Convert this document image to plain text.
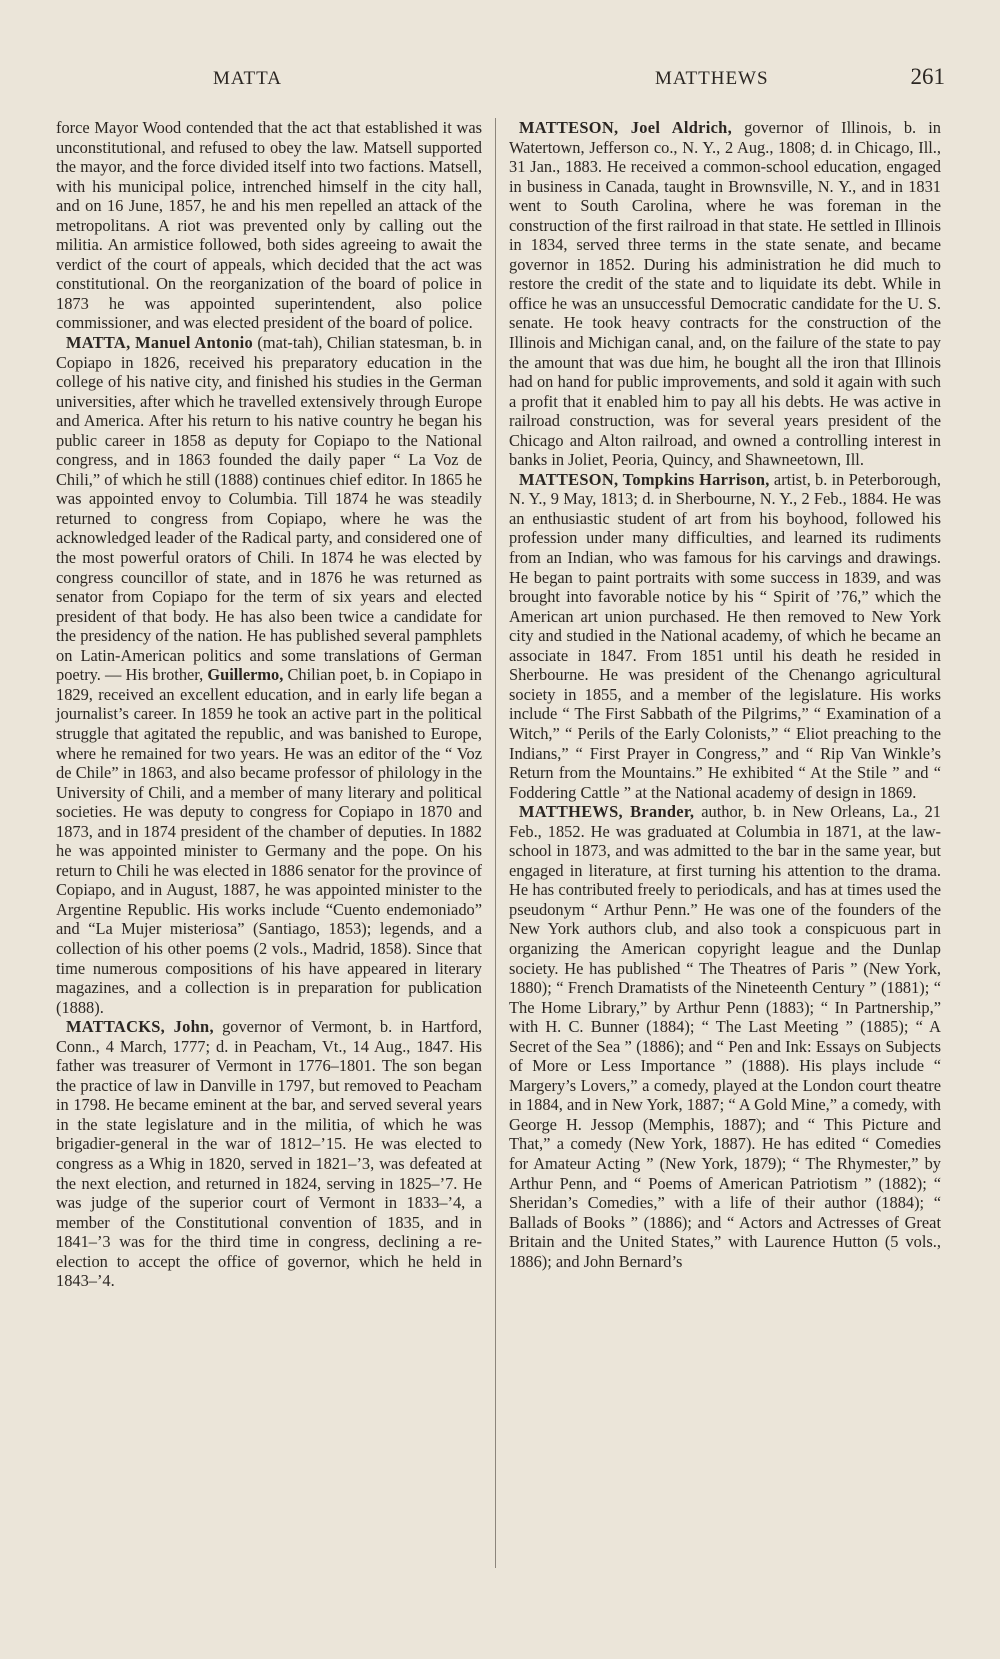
MATTA	MATTHEWS	261

force Mayor Wood contended that the act that established it was unconstitutional, and refused to obey the law. Matsell supported the mayor, and the force divided itself into two factions. Matsell, with his municipal police, intrenched himself in the city hall, and on 16 June, 1857, he and his men repelled an attack of the metropolitans. A riot was prevented only by calling out the militia. An armistice followed, both sides agreeing to await the verdict of the court of appeals, which decided that the act was constitutional. On the reorganization of the board of police in 1873 he was appointed superintendent, also police commissioner, and was elected president of the board of police.

MATTA, Manuel Antonio (mat-tah), Chilian statesman, b. in Copiapo in 1826, received his preparatory education in the college of his native city, and finished his studies in the German universities, after which he travelled extensively through Europe and America. After his return to his native country he began his public career in 1858 as deputy for Copiapo to the National congress, and in 1863 founded the daily paper “ La Voz de Chili,” of which he still (1888) continues chief editor. In 1865 he was appointed envoy to Columbia. Till 1874 he was steadily returned to congress from Copiapo, where he was the acknowledged leader of the Radical party, and considered one of the most powerful orators of Chili. In 1874 he was elected by congress councillor of state, and in 1876 he was returned as senator from Copiapo for the term of six years and elected president of that body. He has also been twice a candidate for the presidency of the nation. He has published several pamphlets on Latin-American politics and some translations of German poetry. — His brother, Guillermo, Chilian poet, b. in Copiapo in 1829, received an excellent education, and in early life began a journalist’s career. In 1859 he took an active part in the political struggle that agitated the republic, and was banished to Europe, where he remained for two years. He was an editor of the “ Voz de Chile” in 1863, and also became professor of philology in the University of Chili, and a member of many literary and political societies. He was deputy to congress for Copiapo in 1870 and 1873, and in 1874 president of the chamber of deputies. In 1882 he was appointed minister to Germany and the pope. On his return to Chili he was elected in 1886 senator for the province of Copiapo, and in August, 1887, he was appointed minister to the Argentine Republic. His works include “Cuento endemoniado” and “La Mujer misteriosa” (Santiago, 1853); legends, and a collection of his other poems (2 vols., Madrid, 1858). Since that time numerous compositions of his have appeared in literary magazines, and a collection is in preparation for publication (1888).

MATTACKS, John, governor of Vermont, b. in Hartford, Conn., 4 March, 1777; d. in Peacham, Vt., 14 Aug., 1847. His father was treasurer of Vermont in 1776–1801. The son began the practice of law in Danville in 1797, but removed to Peacham in 1798. He became eminent at the bar, and served several years in the state legislature and in the militia, of which he was brigadier-general in the war of 1812–’15. He was elected to congress as a Whig in 1820, served in 1821–’3, was defeated at the next election, and returned in 1824, serving in 1825–’7. He was judge of the superior court of Vermont in 1833–’4, a member of the Constitutional convention of 1835, and in 1841–’3 was for the third time in congress, declining a re-election to accept the office of governor, which he held in 1843–’4.

MATTESON, Joel Aldrich, governor of Illinois, b. in Watertown, Jefferson co., N. Y., 2 Aug., 1808; d. in Chicago, Ill., 31 Jan., 1883. He received a common-school education, engaged in business in Canada, taught in Brownsville, N. Y., and in 1831 went to South Carolina, where he was foreman in the construction of the first railroad in that state. He settled in Illinois in 1834, served three terms in the state senate, and became governor in 1852. During his administration he did much to restore the credit of the state and to liquidate its debt. While in office he was an unsuccessful Democratic candidate for the U. S. senate. He took heavy contracts for the construction of the Illinois and Michigan canal, and, on the failure of the state to pay the amount that was due him, he bought all the iron that Illinois had on hand for public improvements, and sold it again with such a profit that it enabled him to pay all his debts. He was active in railroad construction, was for several years president of the Chicago and Alton railroad, and owned a controlling interest in banks in Joliet, Peoria, Quincy, and Shawneetown, Ill.

MATTESON, Tompkins Harrison, artist, b. in Peterborough, N. Y., 9 May, 1813; d. in Sherbourne, N. Y., 2 Feb., 1884. He was an enthusiastic student of art from his boyhood, followed his profession under many difficulties, and learned its rudiments from an Indian, who was famous for his carvings and drawings. He began to paint portraits with some success in 1839, and was brought into favorable notice by his “ Spirit of ’76,” which the American art union purchased. He then removed to New York city and studied in the National academy, of which he became an associate in 1847. From 1851 until his death he resided in Sherbourne. He was president of the Chenango agricultural society in 1855, and a member of the legislature. His works include “ The First Sabbath of the Pilgrims,” “ Examination of a Witch,” “ Perils of the Early Colonists,” “ Eliot preaching to the Indians,” “ First Prayer in Congress,” and “ Rip Van Winkle’s Return from the Mountains.” He exhibited “ At the Stile ” and “ Foddering Cattle ” at the National academy of design in 1869.

MATTHEWS, Brander, author, b. in New Orleans, La., 21 Feb., 1852. He was graduated at Columbia in 1871, at the law-school in 1873, and was admitted to the bar in the same year, but engaged in literature, at first turning his attention to the drama. He has contributed freely to periodicals, and has at times used the pseudonym “ Arthur Penn.” He was one of the founders of the New York authors club, and also took a conspicuous part in organizing the American copyright league and the Dunlap society. He has published “ The Theatres of Paris ” (New York, 1880); “ French Dramatists of the Nineteenth Century ” (1881); “ The Home Library,” by Arthur Penn (1883); “ In Partnership,” with H. C. Bunner (1884); “ The Last Meeting ” (1885); “ A Secret of the Sea ” (1886); and “ Pen and Ink: Essays on Subjects of More or Less Importance ” (1888). His plays include “ Margery’s Lovers,” a comedy, played at the London court theatre in 1884, and in New York, 1887; “ A Gold Mine,” a comedy, with George H. Jessop (Memphis, 1887); and “ This Picture and That,” a comedy (New York, 1887). He has edited “ Comedies for Amateur Acting ” (New York, 1879); “ The Rhymester,” by Arthur Penn, and “ Poems of American Patriotism ” (1882); “ Sheridan’s Comedies,” with a life of their author (1884); “ Ballads of Books ” (1886); and “ Actors and Actresses of Great Britain and the United States,” with Laurence Hutton (5 vols., 1886); and John Bernard’s
